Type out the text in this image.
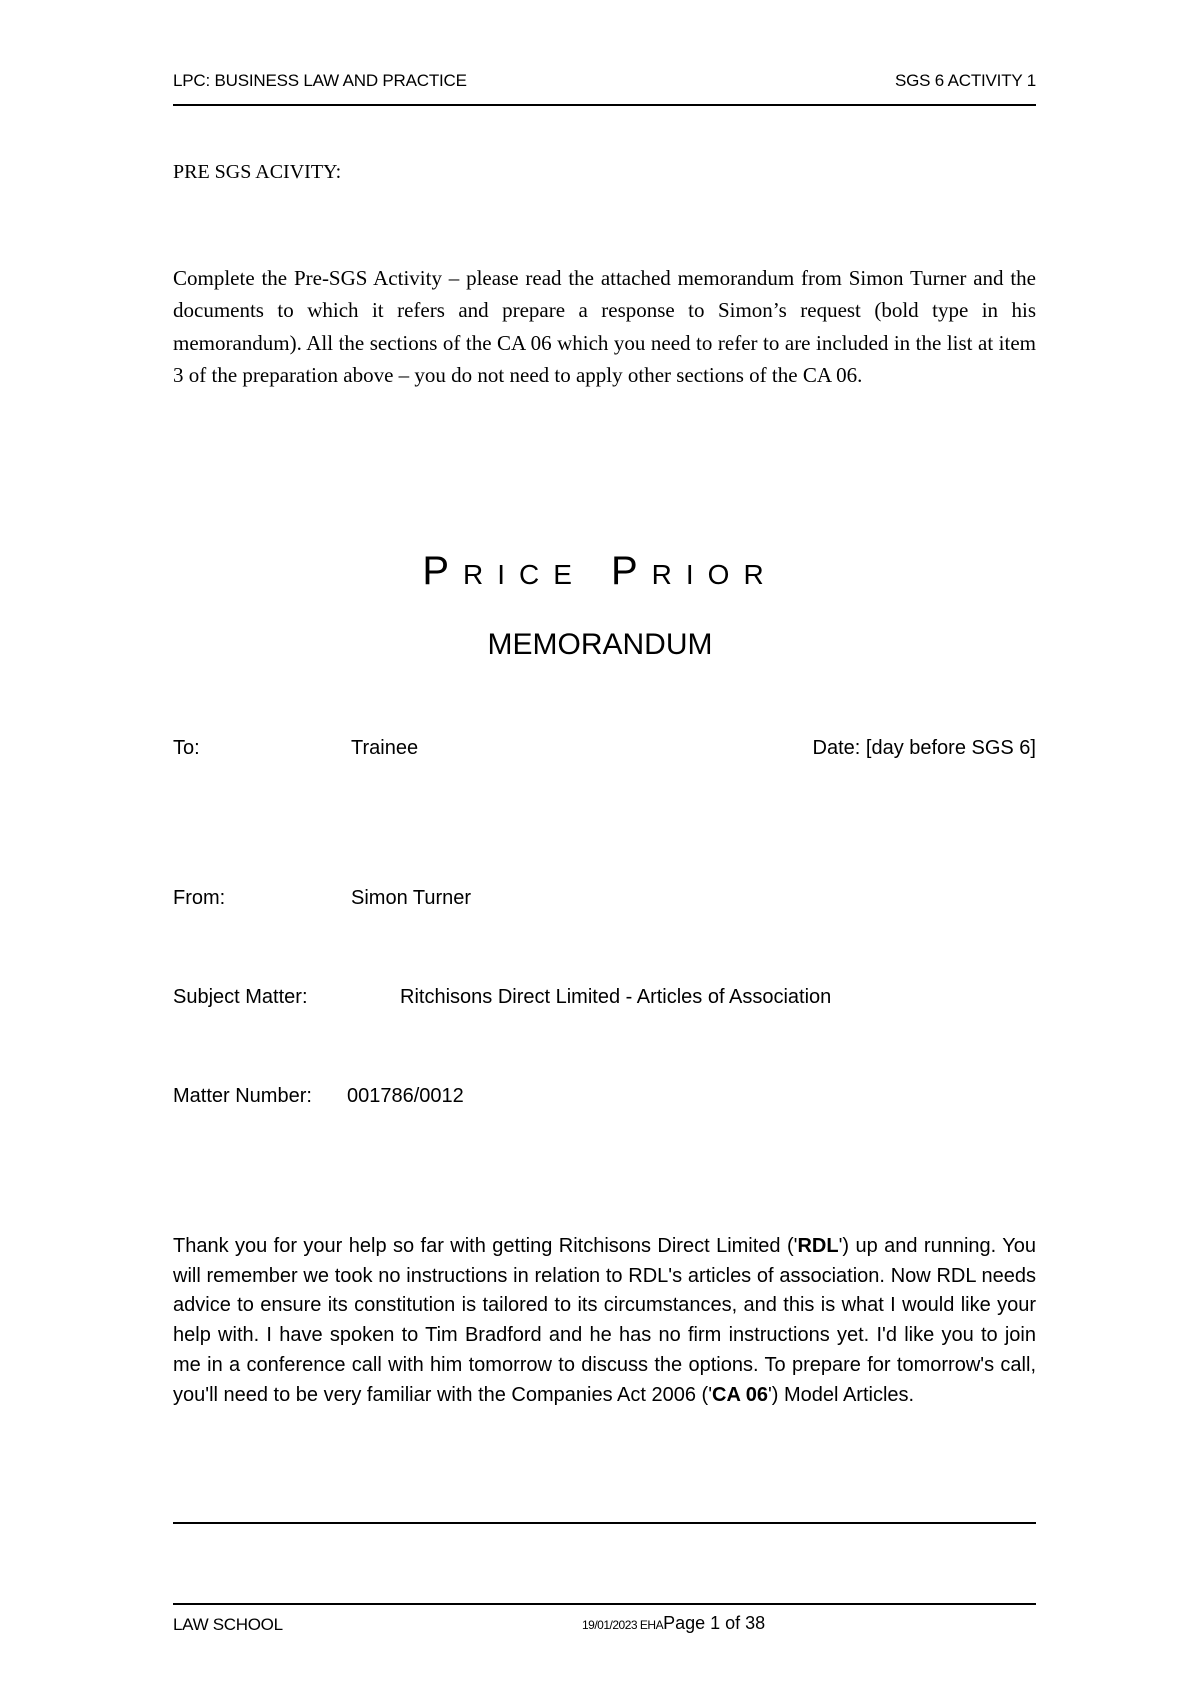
LPC: BUSINESS LAW AND PRACTICE	SGS 6 ACTIVITY 1
PRE SGS ACIVITY:
Complete the Pre-SGS Activity – please read the attached memorandum from Simon Turner and the documents to which it refers and prepare a response to Simon’s request (bold type in his memorandum). All the sections of the CA 06 which you need to refer to are included in the list at item 3 of the preparation above – you do not need to apply other sections of the CA 06.
Price Prior
MEMORANDUM
To:	Trainee	Date: [day before SGS 6]
From:	Simon Turner
Subject Matter:	Ritchisons Direct Limited - Articles of Association
Matter Number: 001786/0012
Thank you for your help so far with getting Ritchisons Direct Limited ('RDL') up and running. You will remember we took no instructions in relation to RDL's articles of association. Now RDL needs advice to ensure its constitution is tailored to its circumstances, and this is what I would like your help with. I have spoken to Tim Bradford and he has no firm instructions yet. I'd like you to join me in a conference call with him tomorrow to discuss the options. To prepare for tomorrow's call, you'll need to be very familiar with the Companies Act 2006 ('CA 06') Model Articles.
LAW SCHOOL	19/01/2023 EHAPage 1 of 38
